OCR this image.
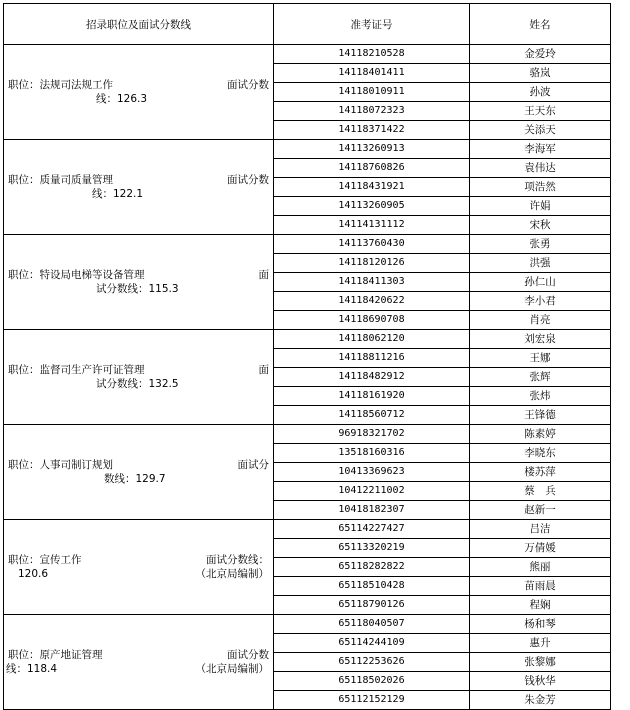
招录职位及面试分数线	准考证号	姓名

职位：法规司法规工作 面试分数
线：126.3	14118210528	金爱玲
	14118401411	骆岚
	14118010911	孙波
	14118072323	王天东
	14118371422	关添天

职位：质量司质量管理 面试分数
线：122.1	14113260913	李海军
	14118760826	袁伟达
	14118431921	项浩然
	14113260905	许娟
	14114131112	宋秋

职位：特设局电梯等设备管理 面
试分数线：115.3	14113760430	张勇
	14118120126	洪强
	14118411303	孙仁山
	14118420622	李小君
	14118690708	肖亮

职位：监督司生产许可证管理 面
试分数线：132.5	14118062120	刘宏泉
	14118811216	王娜
	14118482912	张辉
	14118161920	张炜
	14118560712	王锋德

职位：人事司制订规划 面试分
数线：129.7	96918321702	陈素婷
	13518160316	李晓东
	10413369623	楼苏萍
	10412211002	蔡　兵
	10418182307	赵新一

职位：宣传工作 面试分数线：
120.6 （北京局编制）	65114227427	吕洁
	65113320219	万倩媛
	65118282822	熊丽
	65118510428	苗雨晨
	65118790126	程娴

职位：原产地证管理 面试分数
线：118.4 （北京局编制）	65118040507	杨和琴
	65114244109	惠升
	65112253626	张黎娜
	65118502026	钱秋华
	65112152129	朱金芳
